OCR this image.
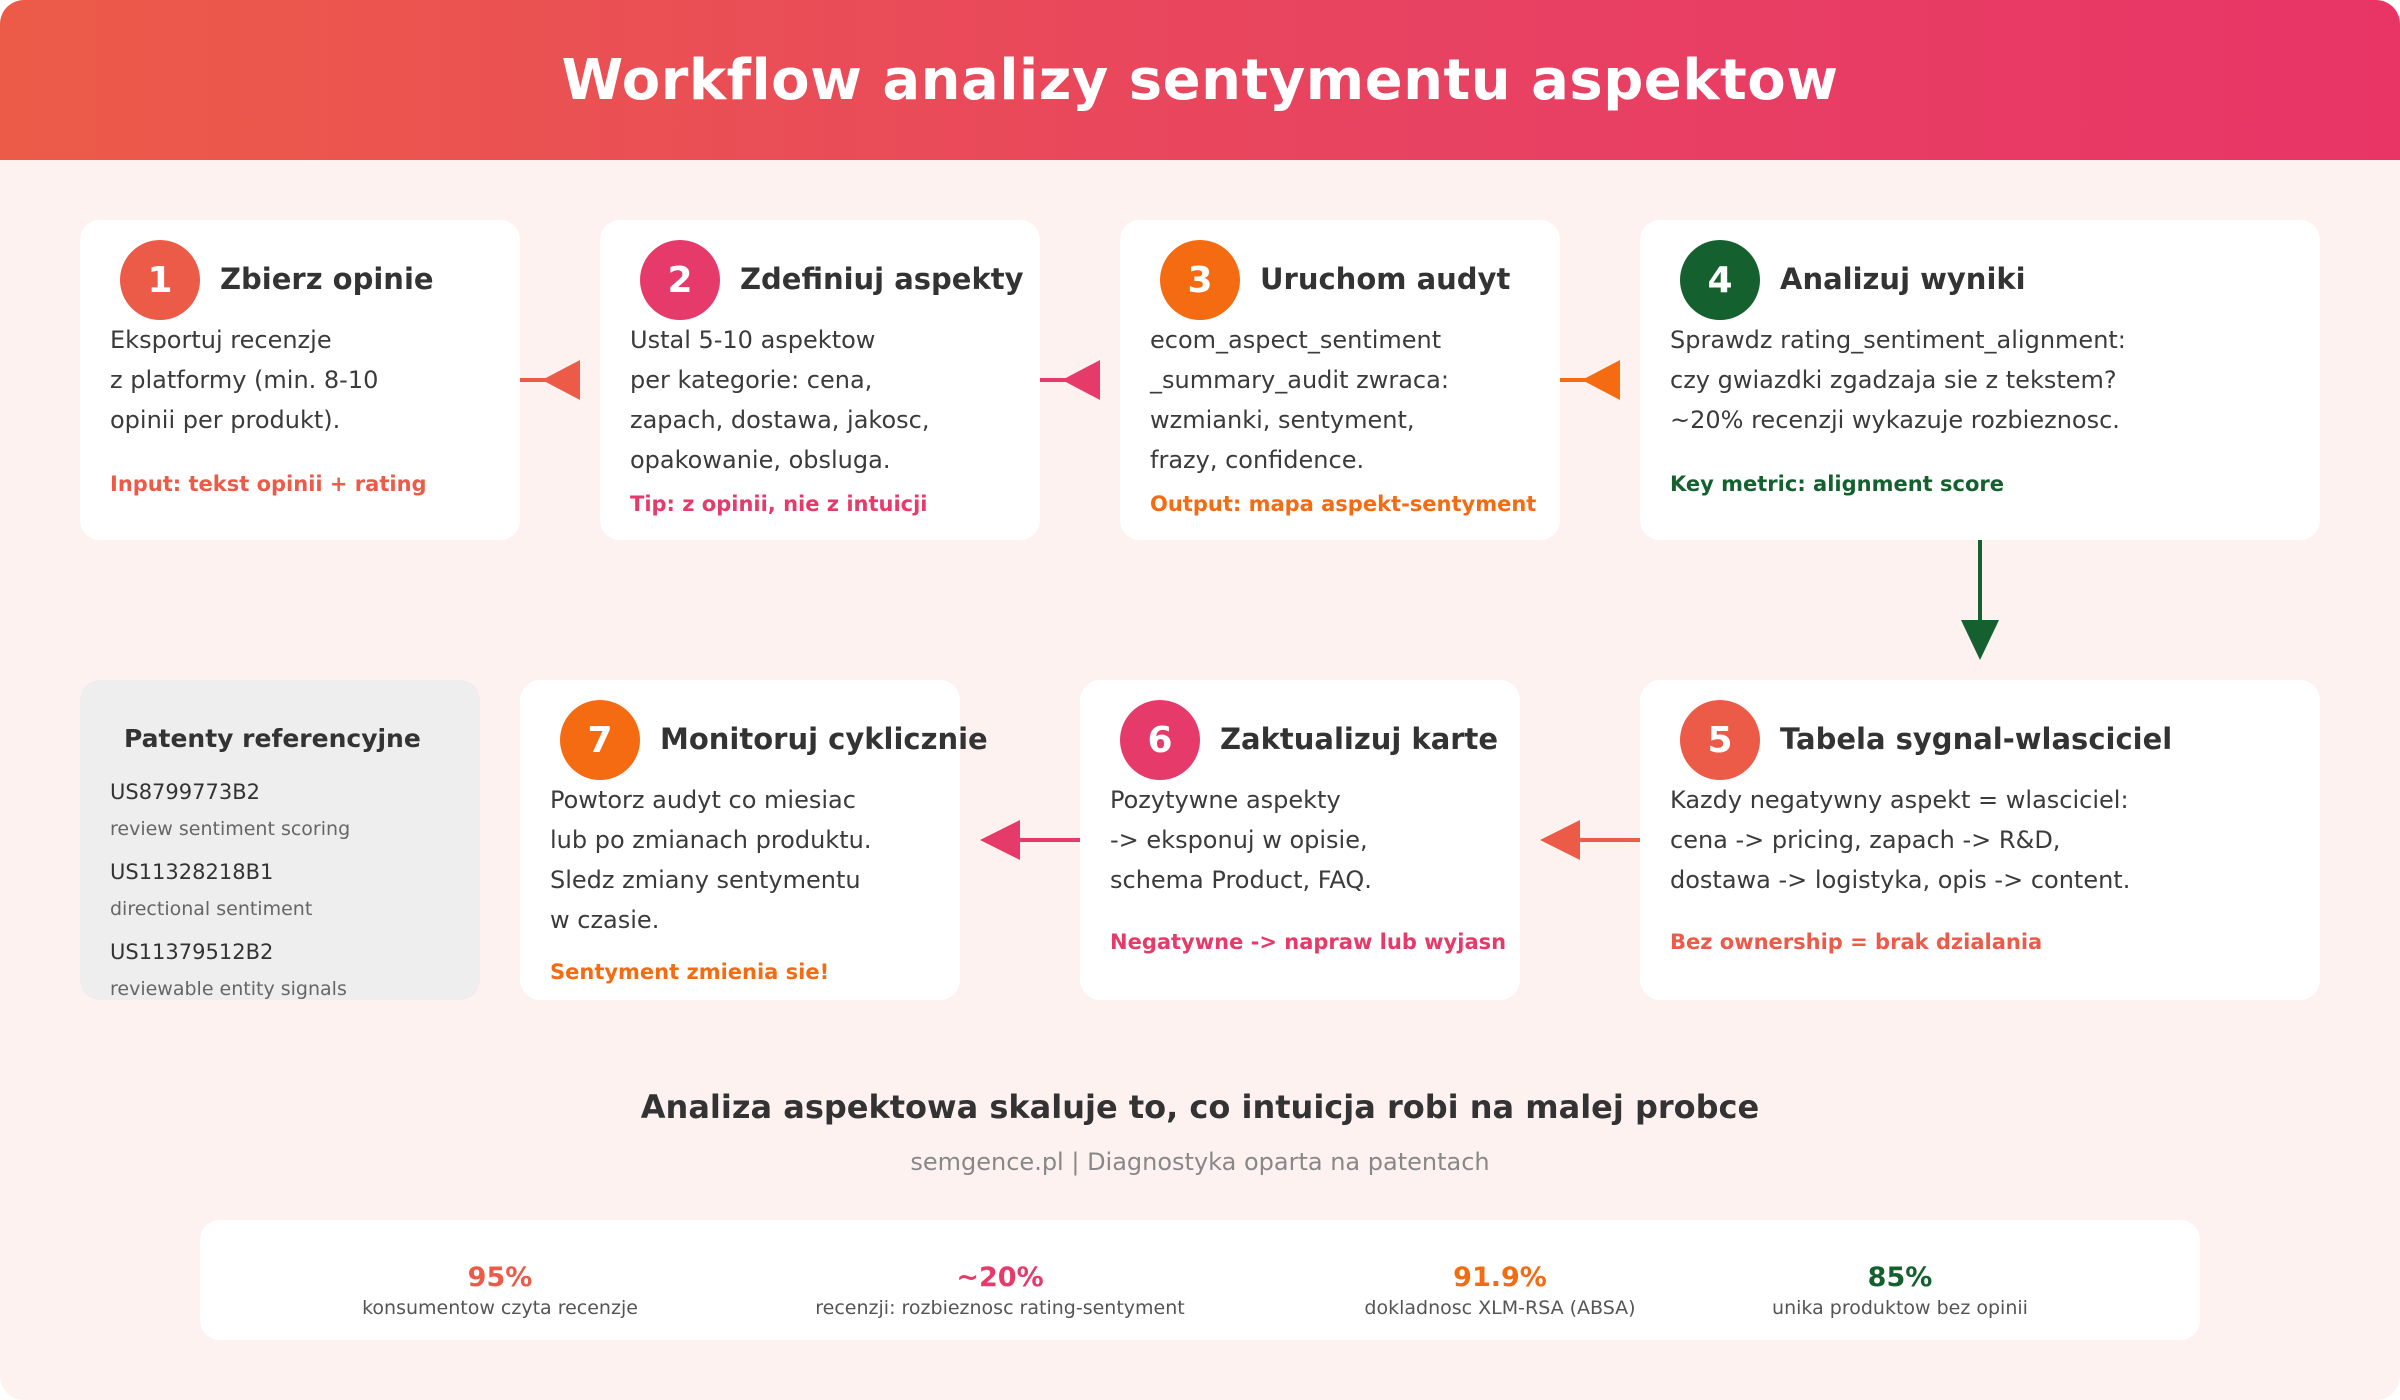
Workflow analizy sentymentu aspektow
1	Zbierz opinie
Eksportuj recenzje
z platformy (min. 8-10
opinii per produkt).
Input: tekst opinii + rating
2	Zdefiniuj aspekty
Ustal 5-10 aspektow
per kategorie: cena,
zapach, dostawa, jakosc,
opakowanie, obsluga.
Tip: z opinii, nie z intuicji
3	Uruchom audyt
ecom_aspect_sentiment
_summary_audit zwraca:
wzmianki, sentyment,
frazy, confidence.
Output: mapa aspekt-sentyment
4	Analizuj wyniki
Sprawdz rating_sentiment_alignment:
czy gwiazdki zgadzaja sie z tekstem?
~20% recenzji wykazuje rozbieznosc.
Key metric: alignment score
Patenty referencyjne
US8799773B2
review sentiment scoring
US11328218B1
directional sentiment
US11379512B2
reviewable entity signals
7	Monitoruj cyklicznie
Powtorz audyt co miesiac
lub po zmianach produktu.
Sledz zmiany sentymentu
w czasie.
Sentyment zmienia sie!
6	Zaktualizuj karte
Pozytywne aspekty
-> eksponuj w opisie,
schema Product, FAQ.
Negatywne -> napraw lub wyjasn
5	Tabela sygnal-wlasciciel
Kazdy negatywny aspekt = wlasciciel:
cena -> pricing, zapach -> R&D,
dostawa -> logistyka, opis -> content.
Bez ownership = brak dzialania
Analiza aspektowa skaluje to, co intuicja robi na malej probce
semgence.pl | Diagnostyka oparta na patentach
95%
konsumentow czyta recenzje
~20%
recenzji: rozbieznosc rating-sentyment
91.9%
dokladnosc XLM-RSA (ABSA)
85%
unika produktow bez opinii
